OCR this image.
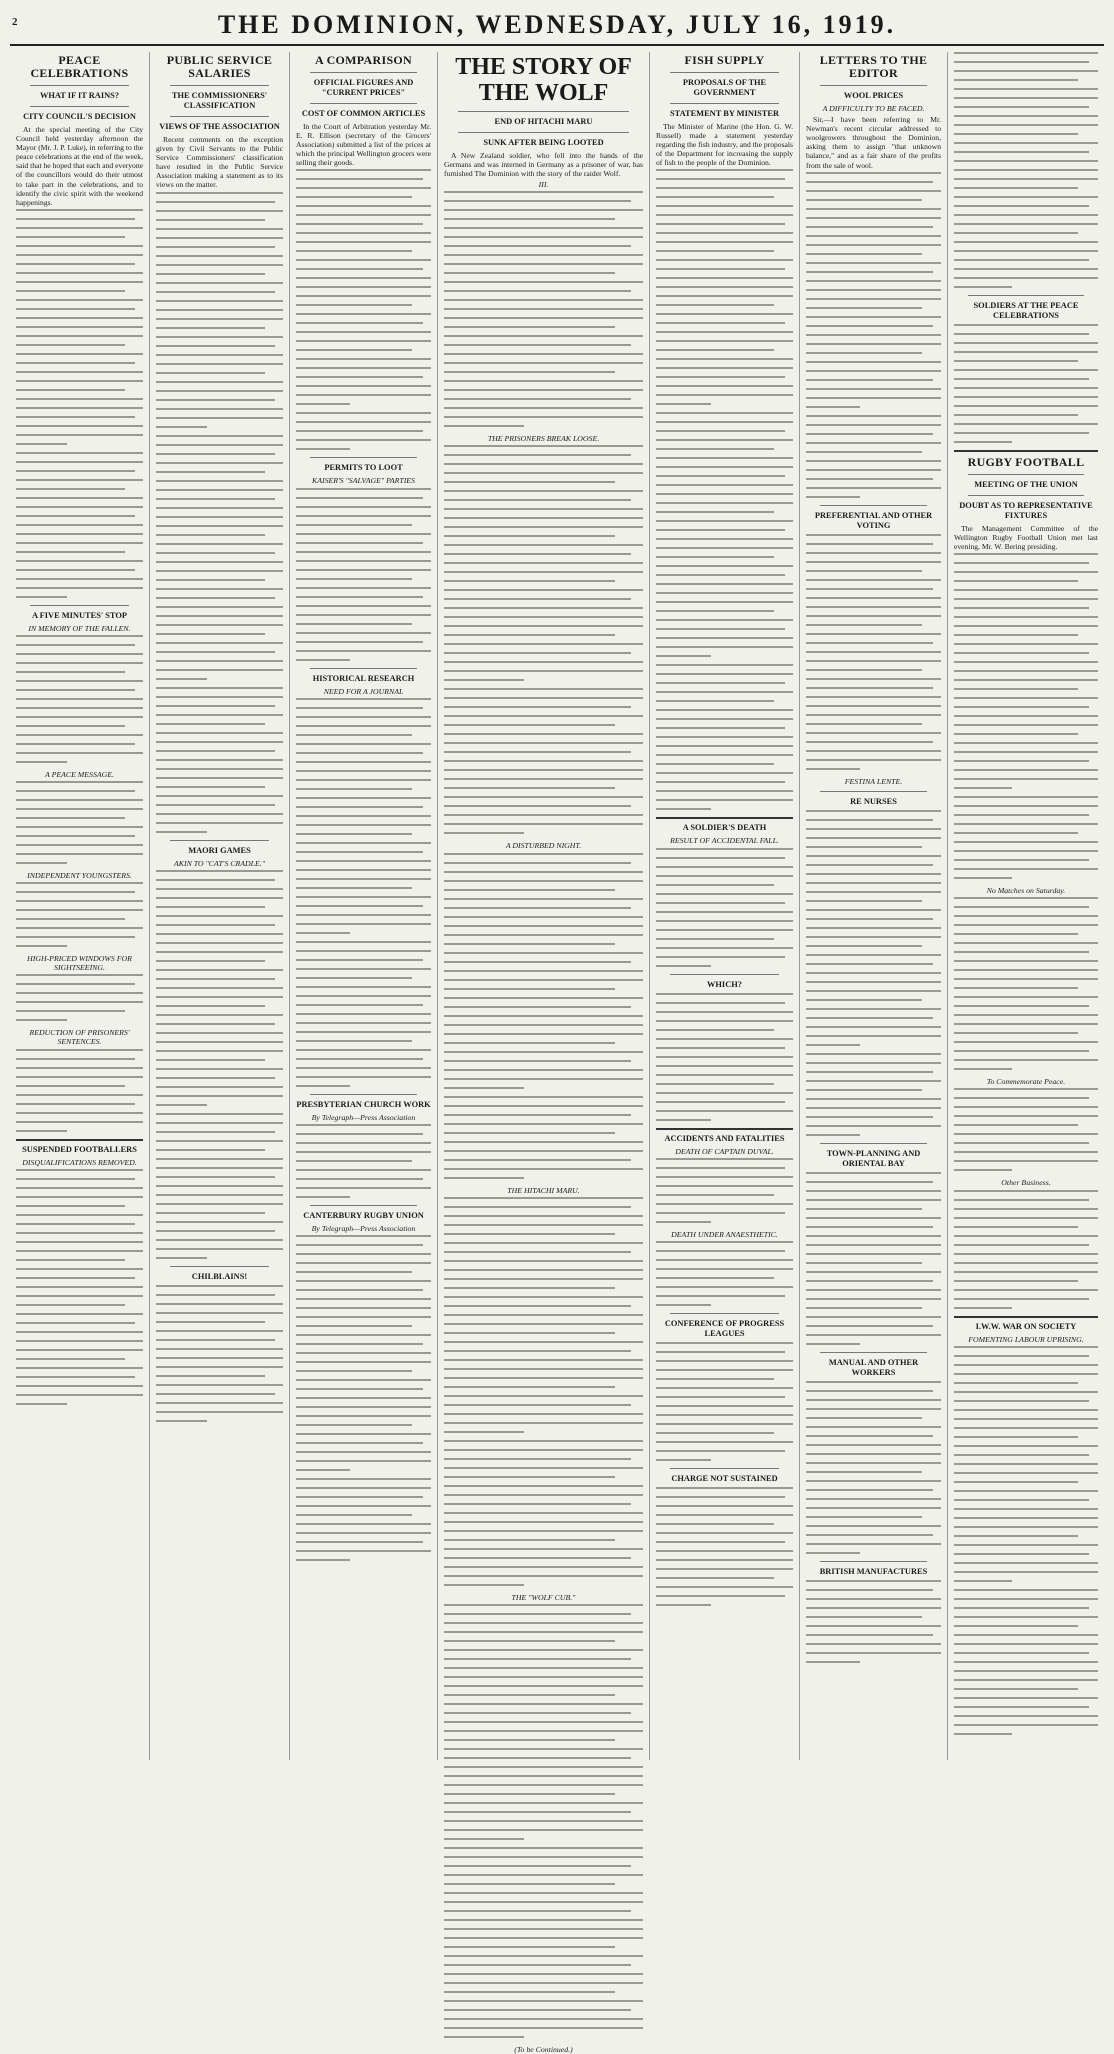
2	THE DOMINION, WEDNESDAY, JULY 16, 1919.
PEACE CELEBRATIONS
WHAT IF IT RAINS?
CITY COUNCIL'S DECISION

At the special meeting of the City Council held yesterday afternoon the Mayor (Mr. J. P. Luke), in referring to the peace celebrations at the end of the week, said that he hoped that each and everyone of the councillors would do their utmost to take part in the celebrations, and to identify the civic spirit with the weekend happenings.

A FIVE MINUTES' STOP
IN MEMORY OF THE FALLEN.
A PEACE MESSAGE.
INDEPENDENT YOUNGSTERS.
HIGH-PRICED WINDOWS FOR SIGHTSEEING.
REDUCTION OF PRISONERS' SENTENCES.
SUSPENDED FOOTBALLERS
DISQUALIFICATIONS REMOVED.
PUBLIC SERVICE SALARIES
THE COMMISSIONERS' CLASSIFICATION
VIEWS OF THE ASSOCIATION

Recent comments on the exception given by Civil Servants to the Public Service Commissioners' classification have resulted in the Public Service Association making a statement as to its views on the matter.

MAORI GAMES
AKIN TO "CAT'S CRADLE."
CHILBLAINS!
A COMPARISON
OFFICIAL FIGURES AND "CURRENT PRICES"
COST OF COMMON ARTICLES

In the Court of Arbitration yesterday Mr. E. R. Ellison (secretary of the Grocers' Association) submitted a list of the prices at which the principal Wellington grocers were selling their goods.

PERMITS TO LOOT
KAISER'S "SALVAGE" PARTIES
HISTORICAL RESEARCH
NEED FOR A JOURNAL
PRESBYTERIAN CHURCH WORK
By Telegraph—Press Association
CANTERBURY RUGBY UNION
By Telegraph—Press Association
THE STORY OF THE WOLF
END OF HITACHI MARU
SUNK AFTER BEING LOOTED

A New Zealand soldier, who fell into the hands of the Germans and was interned in Germany as a prisoner of war, has furnished The Dominion with the story of the raider Wolf.

III.
THE PRISONERS BREAK LOOSE.
A DISTURBED NIGHT.
THE HITACHI MARU.
THE "WOLF CUB."
(To be Continued.)
FISH SUPPLY
PROPOSALS OF THE GOVERNMENT
STATEMENT BY MINISTER

The Minister of Marine (the Hon. G. W. Russell) made a statement yesterday regarding the fish industry, and the proposals of the Department for increasing the supply of fish to the people of the Dominion.

A SOLDIER'S DEATH
RESULT OF ACCIDENTAL FALL.
WHICH?
ACCIDENTS AND FATALITIES
DEATH OF CAPTAIN DUVAL.
DEATH UNDER ANAESTHETIC.
CONFERENCE OF PROGRESS LEAGUES
CHARGE NOT SUSTAINED
LETTERS TO THE EDITOR
WOOL PRICES
A DIFFICULTY TO BE FACED.

Sir,—I have been referring to Mr. Newman's recent circular addressed to woolgrowers throughout the Dominion, asking them to assign "that unknown balance," and as a fair share of the profits from the sale of wool.

PREFERENTIAL AND OTHER VOTING
FESTINA LENTE.
RE NURSES
TOWN-PLANNING AND ORIENTAL BAY
MANUAL AND OTHER WORKERS
BRITISH MANUFACTURES
SOLDIERS AT THE PEACE CELEBRATIONS
RUGBY FOOTBALL
MEETING OF THE UNION
DOUBT AS TO REPRESENTATIVE FIXTURES

The Management Committee of the Wellington Rugby Football Union met last evening, Mr. W. Bering presiding.

No Matches on Saturday.
To Commemorate Peace.
Other Business.
I.W.W. WAR ON SOCIETY
FOMENTING LABOUR UPRISING.
